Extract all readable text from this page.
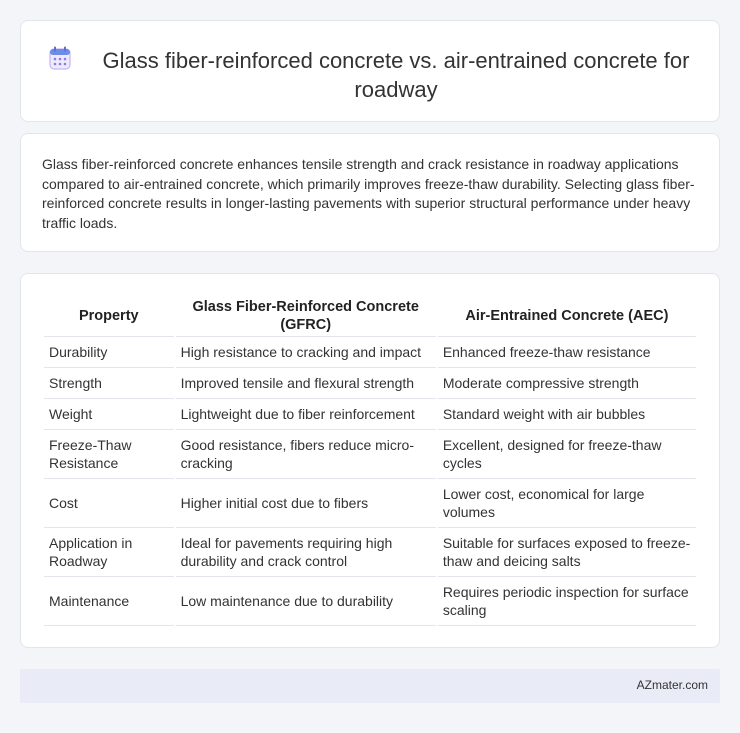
Glass fiber-reinforced concrete vs. air-entrained concrete for roadway

Glass fiber-reinforced concrete enhances tensile strength and crack resistance in roadway applications compared to air-entrained concrete, which primarily improves freeze-thaw durability. Selecting glass fiber-reinforced concrete results in longer-lasting pavements with superior structural performance under heavy traffic loads.

Property	Glass Fiber-Reinforced Concrete (GFRC)	Air-Entrained Concrete (AEC)
Durability	High resistance to cracking and impact	Enhanced freeze-thaw resistance
Strength	Improved tensile and flexural strength	Moderate compressive strength
Weight	Lightweight due to fiber reinforcement	Standard weight with air bubbles
Freeze-Thaw Resistance	Good resistance, fibers reduce micro-cracking	Excellent, designed for freeze-thaw cycles
Cost	Higher initial cost due to fibers	Lower cost, economical for large volumes
Application in Roadway	Ideal for pavements requiring high durability and crack control	Suitable for surfaces exposed to freeze-thaw and deicing salts
Maintenance	Low maintenance due to durability	Requires periodic inspection for surface scaling
AZmater.com
